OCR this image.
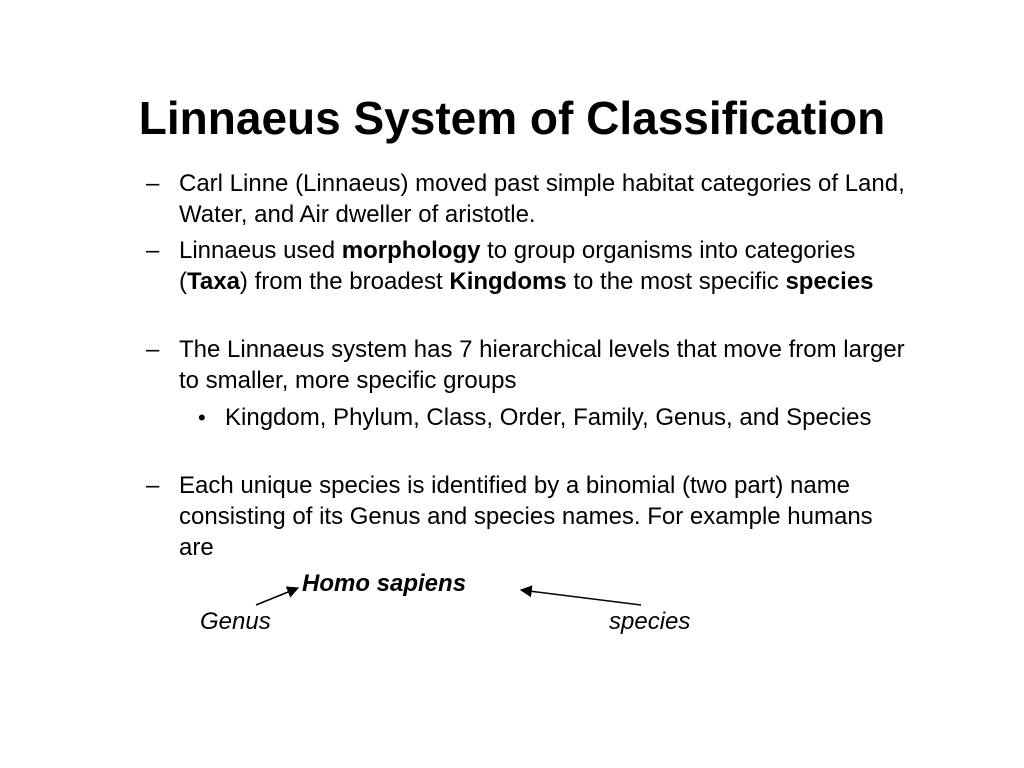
Linnaeus System of Classification
– Carl Linne (Linnaeus) moved past simple habitat categories of Land, Water, and Air dweller of aristotle.
– Linnaeus used morphology to group organisms into categories (Taxa) from the broadest Kingdoms to the most specific species
– The Linnaeus system has 7 hierarchical levels that move from larger to smaller, more specific groups
• Kingdom, Phylum, Class, Order, Family, Genus, and Species
– Each unique species is identified by a binomial (two part) name consisting of its Genus and species names. For example humans are
Homo sapiens
Genus	species
